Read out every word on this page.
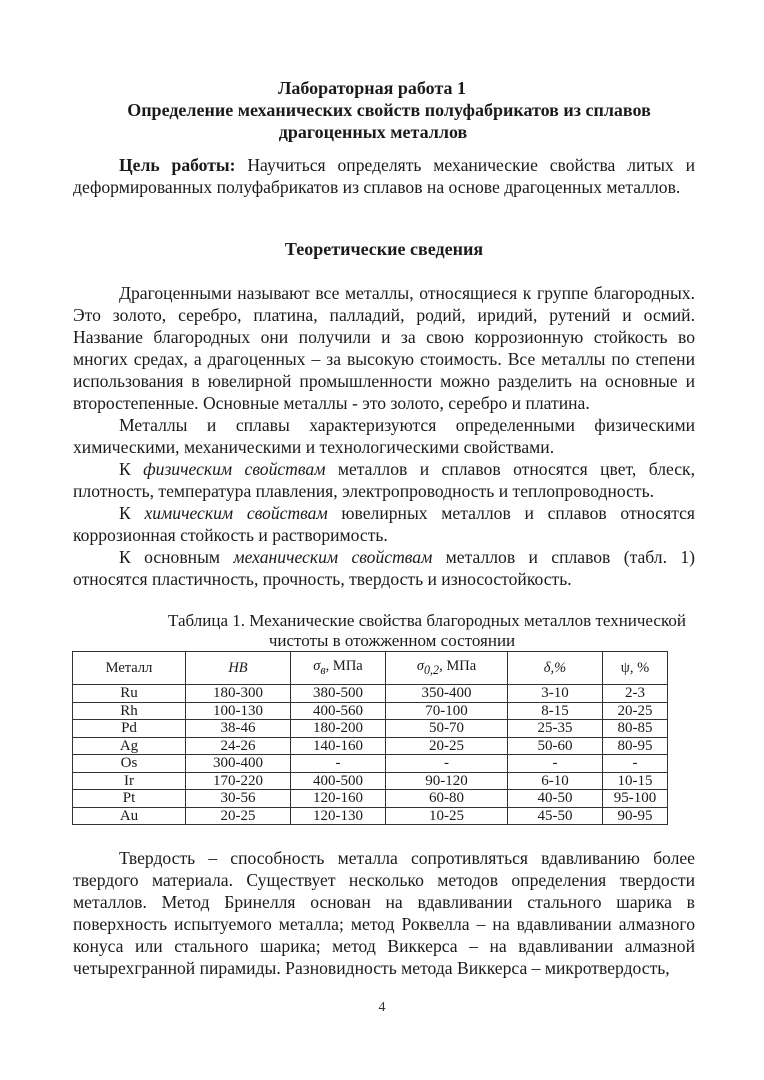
Лабораторная работа 1
Определение механических свойств полуфабрикатов из сплавов
драгоценных металлов
Цель работы: Научиться определять механические свойства литых и деформированных полуфабрикатов из сплавов на основе драгоценных металлов.
Теоретические сведения

Драгоценными называют все металлы, относящиеся к группе благородных. Это золото, серебро, платина, палладий, родий, иридий, рутений и осмий. Название благородных они получили и за свою коррозионную стойкость во многих средах, а драгоценных – за высокую стоимость. Все металлы по степени использования в ювелирной промышленности можно разделить на основные и второстепенные. Основные металлы - это золото, серебро и платина.

Металлы и сплавы характеризуются определенными физическими химическими, механическими и технологическими свойствами.

К физическим свойствам металлов и сплавов относятся цвет, блеск, плотность, температура плавления, электропроводность и теплопроводность.

К химическим свойствам ювелирных металлов и сплавов относятся коррозионная стойкость и растворимость.

К основным механическим свойствам металлов и сплавов (табл. 1) относятся пластичность, прочность, твердость и износостойкость.

Таблица 1. Механические свойства благородных металлов технической
чистоты в отожженном состоянии
Металл	HB	$\sigma_в$, МПа	$\sigma_{0,2}$, МПа	δ,%	ψ, %
Ru	180-300	380-500	350-400	3-10	2-3
Rh	100-130	400-560	70-100	8-15	20-25
Pd	38-46	180-200	50-70	25-35	80-85
Ag	24-26	140-160	20-25	50-60	80-95
Os	300-400	-	-	-	-
Ir	170-220	400-500	90-120	6-10	10-15
Pt	30-56	120-160	60-80	40-50	95-100
Au	20-25	120-130	10-25	45-50	90-95

Твердость – способность металла сопротивляться вдавливанию более твердого материала. Существует несколько методов определения твердости металлов. Метод Бринелля основан на вдавливании стального шарика в поверхность испытуемого металла; метод Роквелла – на вдавливании алмазного конуса или стального шарика; метод Виккерса – на вдавливании алмазной четырехгранной пирамиды. Разновидность метода Виккерса – микротвердость,

4
